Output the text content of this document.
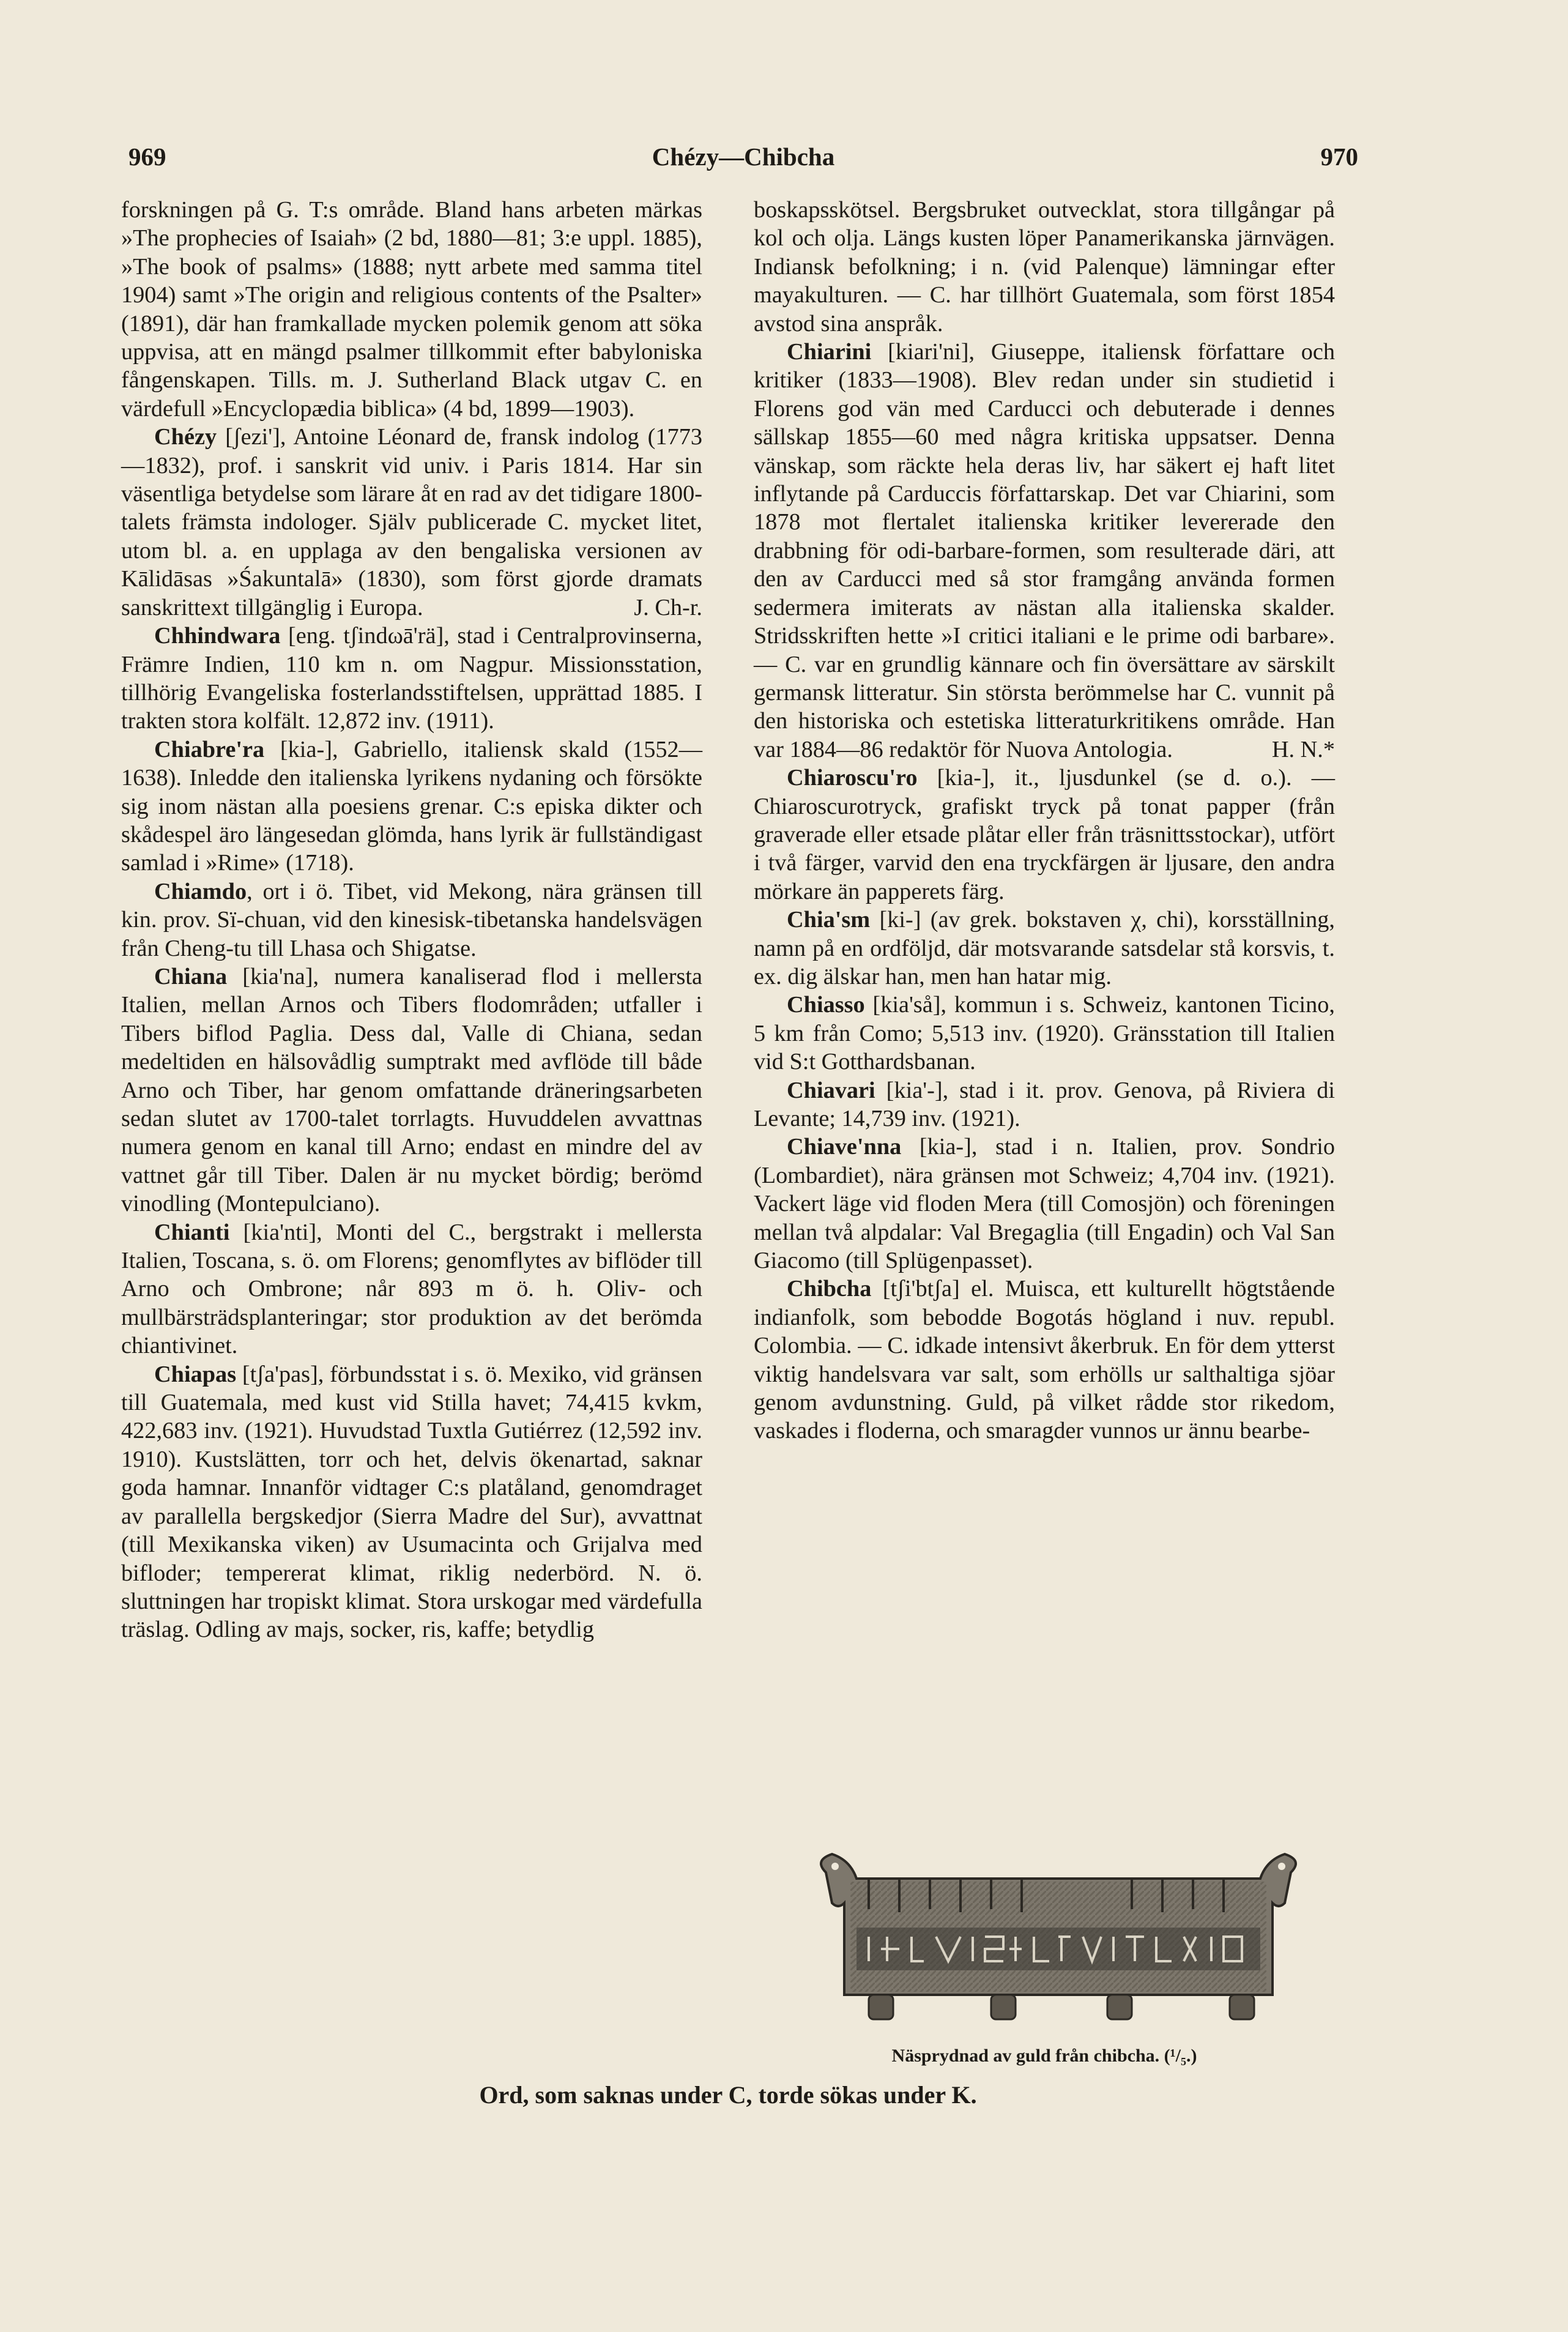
969	Chézy—Chibcha	970

forskningen på G. T:s område. Bland hans arbeten märkas »The prophecies of Isaiah» (2 bd, 1880—81; 3:e uppl. 1885), »The book of psalms» (1888; nytt arbete med samma titel 1904) samt »The origin and religious contents of the Psalter» (1891), där han framkallade mycken polemik genom att söka uppvisa, att en mängd psalmer tillkommit efter babyloniska fångenskapen. Tills. m. J. Sutherland Black utgav C. en värdefull »Encyclopædia biblica» (4 bd, 1899—1903).

Chézy [ʃezi'], Antoine Léonard de, fransk indolog (1773—1832), prof. i sanskrit vid univ. i Paris 1814. Har sin väsentliga betydelse som lärare åt en rad av det tidigare 1800-talets främsta indologer. Själv publicerade C. mycket litet, utom bl. a. en upplaga av den bengaliska versionen av Kālidāsas »Śakuntalā» (1830), som först gjorde dramats sanskrittext tillgänglig i Europa.	J. Ch-r.

Chhindwara [eng. tʃindωā'rä], stad i Centralprovinserna, Främre Indien, 110 km n. om Nagpur. Missionsstation, tillhörig Evangeliska fosterlandsstiftelsen, upprättad 1885. I trakten stora kolfält. 12,872 inv. (1911).

Chiabre'ra [kia-], Gabriello, italiensk skald (1552—1638). Inledde den italienska lyrikens nydaning och försökte sig inom nästan alla poesiens grenar. C:s episka dikter och skådespel äro längesedan glömda, hans lyrik är fullständigast samlad i »Rime» (1718).

Chiamdo, ort i ö. Tibet, vid Mekong, nära gränsen till kin. prov. Sï-chuan, vid den kinesisk-tibetanska handelsvägen från Cheng-tu till Lhasa och Shigatse.

Chiana [kia'na], numera kanaliserad flod i mellersta Italien, mellan Arnos och Tibers flodområden; utfaller i Tibers biflod Paglia. Dess dal, Valle di Chiana, sedan medeltiden en hälsovådlig sumptrakt med avflöde till både Arno och Tiber, har genom omfattande dräneringsarbeten sedan slutet av 1700-talet torrlagts. Huvuddelen avvattnas numera genom en kanal till Arno; endast en mindre del av vattnet går till Tiber. Dalen är nu mycket bördig; berömd vinodling (Montepulciano).

Chianti [kia'nti], Monti del C., bergstrakt i mellersta Italien, Toscana, s. ö. om Florens; genomflytes av biflöder till Arno och Ombrone; når 893 m ö. h. Oliv- och mullbärsträdsplanteringar; stor produktion av det berömda chiantivinet.

Chiapas [tʃa'pas], förbundsstat i s. ö. Mexiko, vid gränsen till Guatemala, med kust vid Stilla havet; 74,415 kvkm, 422,683 inv. (1921). Huvudstad Tuxtla Gutiérrez (12,592 inv. 1910). Kustslätten, torr och het, delvis ökenartad, saknar goda hamnar. Innanför vidtager C:s platåland, genomdraget av parallella bergskedjor (Sierra Madre del Sur), avvattnat (till Mexikanska viken) av Usumacinta och Grijalva med bifloder; tempererat klimat, riklig nederbörd. N. ö. sluttningen har tropiskt klimat. Stora urskogar med värdefulla träslag. Odling av majs, socker, ris, kaffe; betydlig

boskapsskötsel. Bergsbruket outvecklat, stora tillgångar på kol och olja. Längs kusten löper Panamerikanska järnvägen. Indiansk befolkning; i n. (vid Palenque) lämningar efter mayakulturen. — C. har tillhört Guatemala, som först 1854 avstod sina anspråk.

Chiarini [kiari'ni], Giuseppe, italiensk författare och kritiker (1833—1908). Blev redan under sin studietid i Florens god vän med Carducci och debuterade i dennes sällskap 1855—60 med några kritiska uppsatser. Denna vänskap, som räckte hela deras liv, har säkert ej haft litet inflytande på Carduccis författarskap. Det var Chiarini, som 1878 mot flertalet italienska kritiker levererade den drabbning för odi-barbare-formen, som resulterade däri, att den av Carducci med så stor framgång använda formen sedermera imiterats av nästan alla italienska skalder. Stridsskriften hette »I critici italiani e le prime odi barbare». — C. var en grundlig kännare och fin översättare av särskilt germansk litteratur. Sin största berömmelse har C. vunnit på den historiska och estetiska litteraturkritikens område. Han var 1884—86 redaktör för Nuova Antologia.	H. N.*

Chiaroscu'ro [kia-], it., ljusdunkel (se d. o.). — Chiaroscurotryck, grafiskt tryck på tonat papper (från graverade eller etsade plåtar eller från träsnittsstockar), utfört i två färger, varvid den ena tryckfärgen är ljusare, den andra mörkare än papperets färg.

Chia'sm [ki-] (av grek. bokstaven χ, chi), korsställning, namn på en ordföljd, där motsvarande satsdelar stå korsvis, t. ex. dig älskar han, men han hatar mig.

Chiasso [kia'så], kommun i s. Schweiz, kantonen Ticino, 5 km från Como; 5,513 inv. (1920). Gränsstation till Italien vid S:t Gotthardsbanan.

Chiavari [kia'-], stad i it. prov. Genova, på Riviera di Levante; 14,739 inv. (1921).

Chiave'nna [kia-], stad i n. Italien, prov. Sondrio (Lombardiet), nära gränsen mot Schweiz; 4,704 inv. (1921). Vackert läge vid floden Mera (till Comosjön) och föreningen mellan två alpdalar: Val Bregaglia (till Engadin) och Val San Giacomo (till Splügenpasset).

Chibcha [tʃi'btʃa] el. Muisca, ett kulturellt högtstående indianfolk, som bebodde Bogotás högland i nuv. republ. Colombia. — C. idkade intensivt åkerbruk. En för dem ytterst viktig handelsvara var salt, som erhölls ur salthaltiga sjöar genom avdunstning. Guld, på vilket rådde stor rikedom, vaskades i floderna, och smaragder vunnos ur ännu bearbe-

Näsprydnad av guld från chibcha. (¹/₅.)
Ord, som saknas under C, torde sökas under K.
